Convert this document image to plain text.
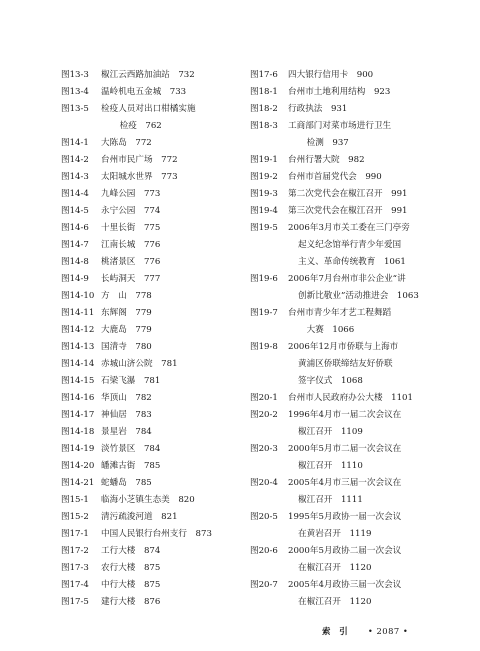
图13-3	椒江云西路加油站　732
图13-4	温岭机电五金城　733
图13-5	检疫人员对出口柑橘实施
　检疫　762
图14-1	大陈岛　772
图14-2	台州市民广场　772
图14-3	太阳城水世界　773
图14-4	九峰公园　773
图14-5	永宁公园　774
图14-6	十里长街　775
图14-7	江南长城　776
图14-8	桃渚景区　776
图14-9	长屿洞天　777
图14-10 方　山　778
图14-11 东辉阁　779
图14-12 大鹿岛　779
图14-13 国清寺　780
图14-14 赤城山济公院　781
图14-15 石梁飞瀑　781
图14-16 华顶山　782
图14-17 神仙居　783
图14-18 景星岩　784
图14-19 淡竹景区　784
图14-20 皤滩古街　785
图14-21 蛇蟠岛　785
图15-1	临海小芝镇生态美　820
图15-2	清污疏浚河道　821
图17-1	中国人民银行台州支行　873
图17-2	工行大楼　874
图17-3	农行大楼　875
图17-4	中行大楼　875
图17-5	建行大楼　876
图17-6	四大银行信用卡　900
图18-1	台州市土地利用结构　923
图18-2	行政执法　931
图18-3	工商部门对菜市场进行卫生
　检测　937
图19-1	台州行署大院　982
图19-2	台州市首届党代会　990
图19-3	第二次党代会在椒江召开　991
图19-4	第三次党代会在椒江召开　991
图19-5	2006年3月市关工委在三门亭旁
起义纪念馆举行青少年爱国
主义、革命传统教育　1061
图19-6	2006年7月台州市非公企业“讲
创新比敬业”活动推进会　1063
图19-7	台州市青少年才艺工程舞蹈
　大赛　1066
图19-8	2006年12月市侨联与上海市
黄浦区侨联缔结友好侨联
签字仪式　1068
图20-1	台州市人民政府办公大楼　1101
图20-2	1996年4月市一届二次会议在
椒江召开　1109
图20-3	2000年5月市二届一次会议在
椒江召开　1110
图20-4	2005年4月市三届一次会议在
椒江召开　1111
图20-5	1995年5月政协一届一次会议
在黄岩召开　1119
图20-6	2000年5月政协二届一次会议
在椒江召开　1120
图20-7	2005年4月政协三届一次会议
在椒江召开　1120
索 引 • 2087 •
